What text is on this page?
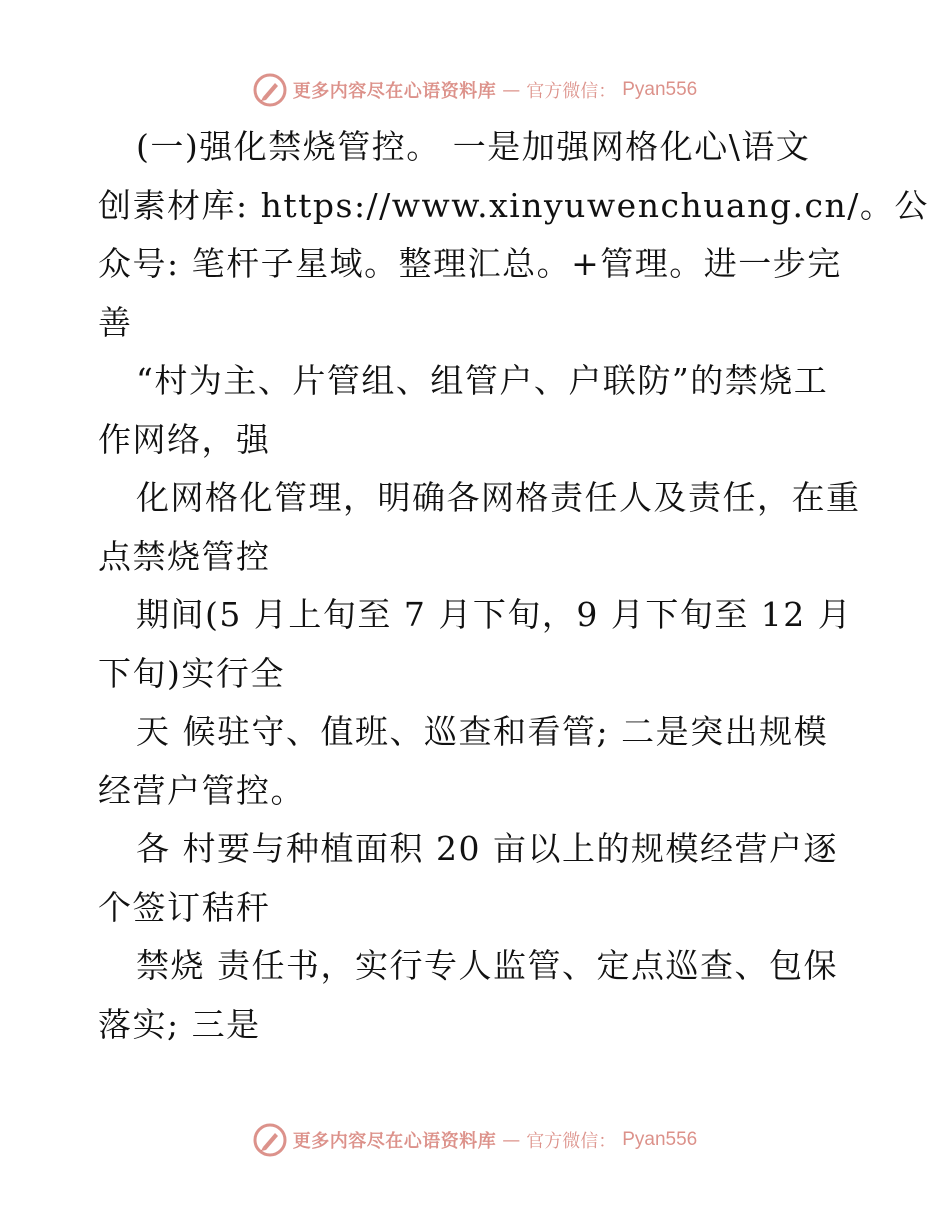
更多内容尽在心语资料库 — 官方微信： Pyan556
(一)强化禁烧管控。 一是加强网格化心\语文
创素材库: https://www.xinyuwenchuang.cn/。公
众号: 笔杆子星域。整理汇总。+管理。进一步完
善
“村为主、片管组、组管户、户联防”的禁烧工
作网络，强
化网格化管理，明确各网格责任人及责任，在重
点禁烧管控
期间(5 月上旬至 7 月下旬，9 月下旬至 12 月
下旬)实行全
天 候驻守、值班、巡查和看管; 二是突出规模
经营户管控。
各 村要与种植面积 20 亩以上的规模经营户逐
个签订秸秆
禁烧 责任书，实行专人监管、定点巡查、包保
落实; 三是
更多内容尽在心语资料库 — 官方微信： Pyan556
